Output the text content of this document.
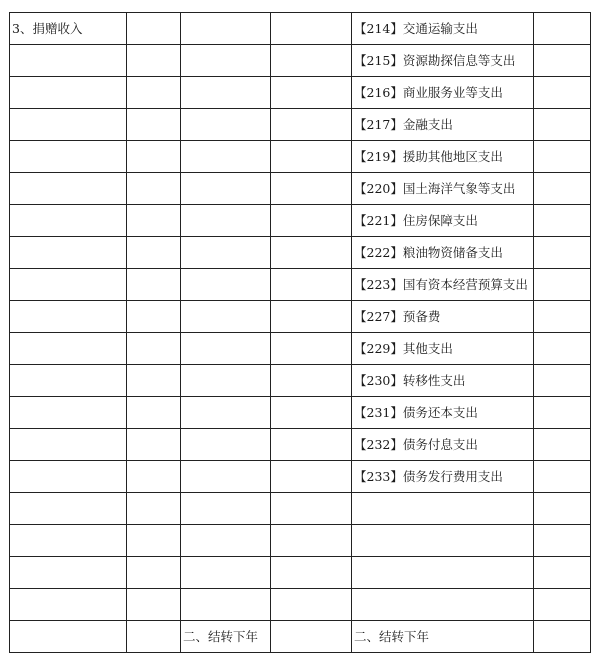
3、捐赠收入				【214】交通运输支出	
				【215】资源勘探信息等支出	
				【216】商业服务业等支出	
				【217】金融支出	
				【219】援助其他地区支出	
				【220】国土海洋气象等支出	
				【221】住房保障支出	
				【222】粮油物资储备支出	
				【223】国有资本经营预算支出	
				【227】预备费	
				【229】其他支出	
				【230】转移性支出	
				【231】债务还本支出	
				【232】债务付息支出	
				【233】债务发行费用支出	

		二、结转下年		二、结转下年	
